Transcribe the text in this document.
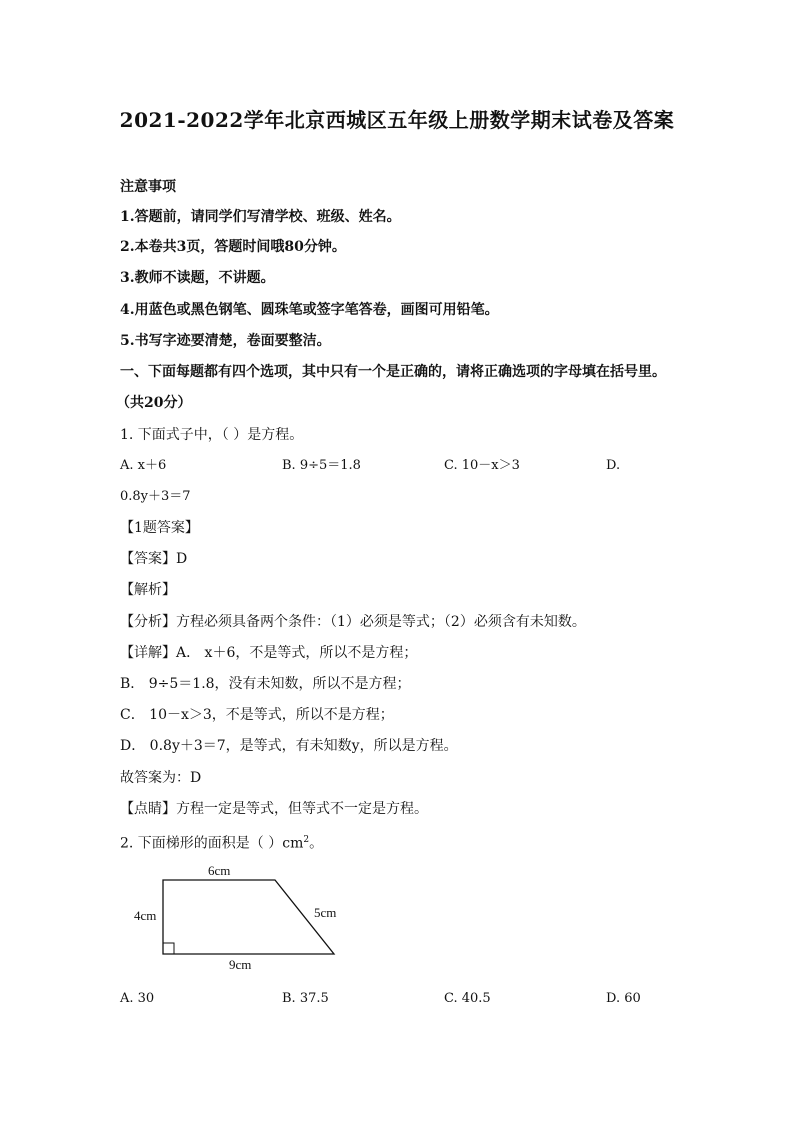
2021-2022学年北京西城区五年级上册数学期末试卷及答案
注意事项
1.答题前，请同学们写清学校、班级、姓名。
2.本卷共3页，答题时间哦80分钟。
3.教师不读题，不讲题。
4.用蓝色或黑色钢笔、圆珠笔或签字笔答卷，画图可用铅笔。
5.书写字迹要清楚，卷面要整洁。
一、下面每题都有四个选项，其中只有一个是正确的，请将正确选项的字母填在括号里。
（共20分）
1. 下面式子中，（ ）是方程。
A. x＋6	B. 9÷5＝1.8	C. 10－x＞3	D.
0.8y＋3＝7
【1题答案】
【答案】D
【解析】
【分析】方程必须具备两个条件：（1）必须是等式；（2）必须含有未知数。
【详解】A． x＋6，不是等式，所以不是方程；
B． 9÷5＝1.8，没有未知数，所以不是方程；
C． 10－x＞3，不是等式，所以不是方程；
D． 0.8y＋3＝7，是等式，有未知数y，所以是方程。
故答案为：D
【点睛】方程一定是等式，但等式不一定是方程。
2. 下面梯形的面积是（ ）$cm^2$。
6cm
4cm	5cm
9cm
A. 30	B. 37.5	C. 40.5	D. 60
